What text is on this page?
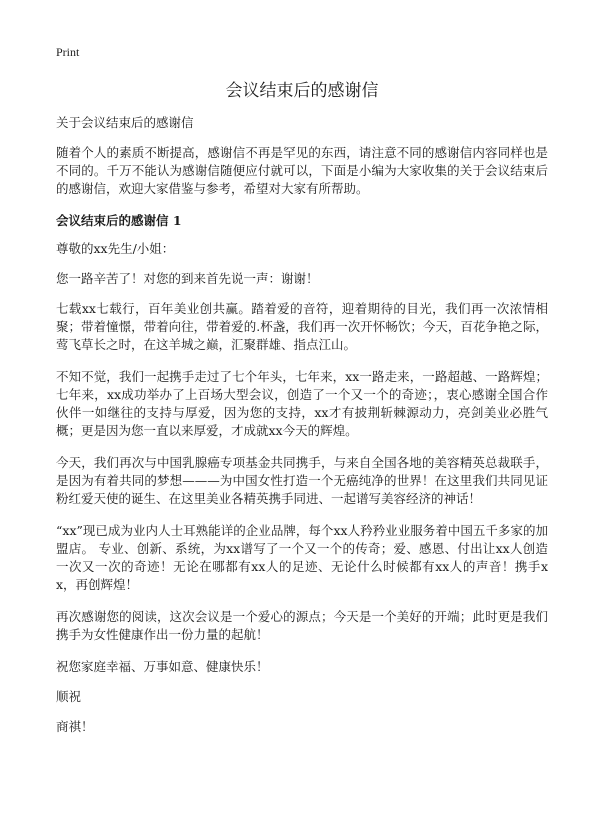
Print
会议结束后的感谢信

关于会议结束后的感谢信

随着个人的素质不断提高，感谢信不再是罕见的东西，请注意不同的感谢信内容同样也是不同的。千万不能认为感谢信随便应付就可以，下面是小编为大家收集的关于会议结束后的感谢信，欢迎大家借鉴与参考，希望对大家有所帮助。

会议结束后的感谢信 1

尊敬的xx先生/小姐：

您一路辛苦了！对您的到来首先说一声：谢谢！

七载xx七载行，百年美业创共赢。踏着爱的音符，迎着期待的目光，我们再一次浓情相聚；带着憧憬，带着向往，带着爱的.杯盏，我们再一次开怀畅饮；今天，百花争艳之际，莺飞草长之时，在这羊城之巅，汇聚群雄、指点江山。

不知不觉，我们一起携手走过了七个年头，七年来，xx一路走来，一路超越、一路辉煌；七年来，xx成功举办了上百场大型会议，创造了一个又一个的奇迹；，衷心感谢全国合作伙伴一如继往的支持与厚爱，因为您的支持，xx才有披荆斩棘源动力，亮剑美业必胜气概；更是因为您一直以来厚爱，才成就xx今天的辉煌。

今天，我们再次与中国乳腺癌专项基金共同携手，与来自全国各地的美容精英总裁联手，是因为有着共同的梦想———为中国女性打造一个无癌纯净的世界！在这里我们共同见证粉红爱天使的诞生、在这里美业各精英携手同进、一起谱写美容经济的神话！

“xx”现已成为业内人士耳熟能详的企业品牌，每个xx人矜矜业业服务着中国五千多家的加盟店。 专业、创新、系统，为xx谱写了一个又一个的传奇；爱、感恩、付出让xx人创造一次又一次的奇迹！无论在哪都有xx人的足迹、无论什么时候都有xx人的声音！携手xx，再创辉煌！

再次感谢您的阅读，这次会议是一个爱心的源点；今天是一个美好的开端；此时更是我们携手为女性健康作出一份力量的起航！

祝您家庭幸福、万事如意、健康快乐！

顺祝

商祺！
